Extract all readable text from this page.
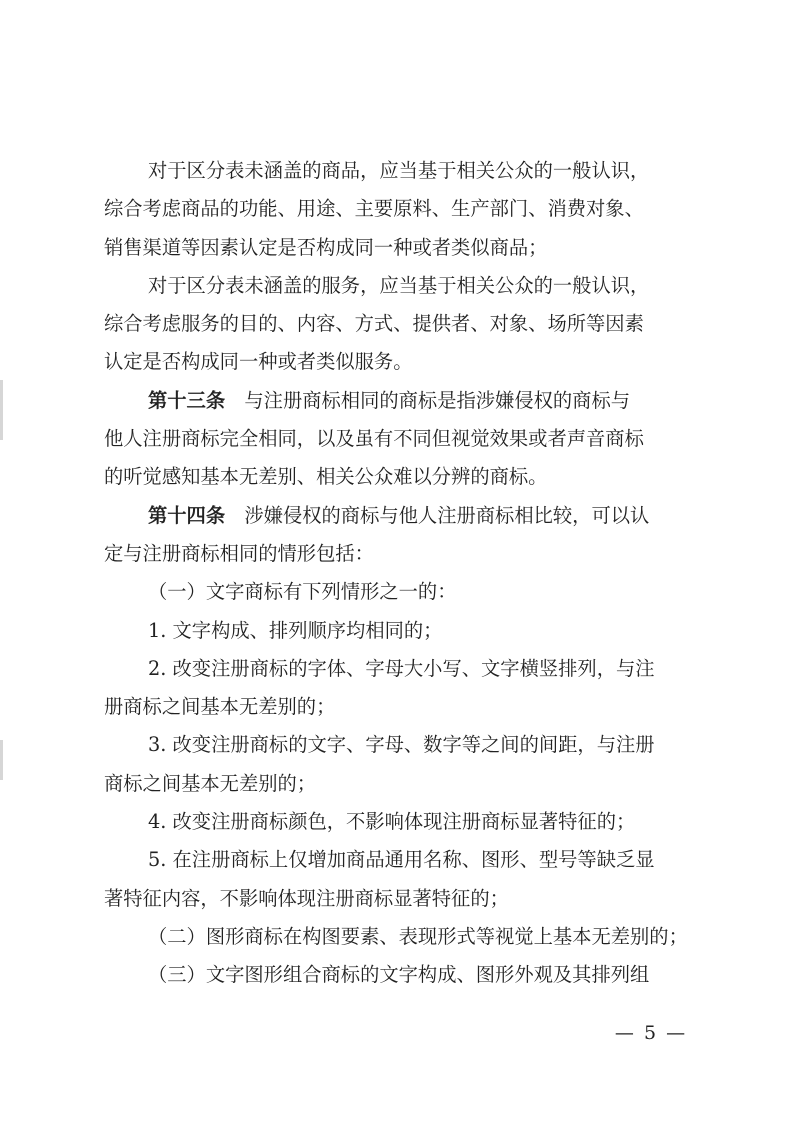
对于区分表未涵盖的商品，应当基于相关公众的一般认识，
综合考虑商品的功能、用途、主要原料、生产部门、消费对象、
销售渠道等因素认定是否构成同一种或者类似商品；
对于区分表未涵盖的服务，应当基于相关公众的一般认识，
综合考虑服务的目的、内容、方式、提供者、对象、场所等因素
认定是否构成同一种或者类似服务。
第十三条　与注册商标相同的商标是指涉嫌侵权的商标与
他人注册商标完全相同，以及虽有不同但视觉效果或者声音商标
的听觉感知基本无差别、相关公众难以分辨的商标。
第十四条　涉嫌侵权的商标与他人注册商标相比较，可以认
定与注册商标相同的情形包括：
（一）文字商标有下列情形之一的：
1. 文字构成、排列顺序均相同的；
2. 改变注册商标的字体、字母大小写、文字横竖排列，与注
册商标之间基本无差别的；
3. 改变注册商标的文字、字母、数字等之间的间距，与注册
商标之间基本无差别的；
4. 改变注册商标颜色，不影响体现注册商标显著特征的；
5. 在注册商标上仅增加商品通用名称、图形、型号等缺乏显
著特征内容，不影响体现注册商标显著特征的；
（二）图形商标在构图要素、表现形式等视觉上基本无差别的；
（三）文字图形组合商标的文字构成、图形外观及其排列组
— 5 —
